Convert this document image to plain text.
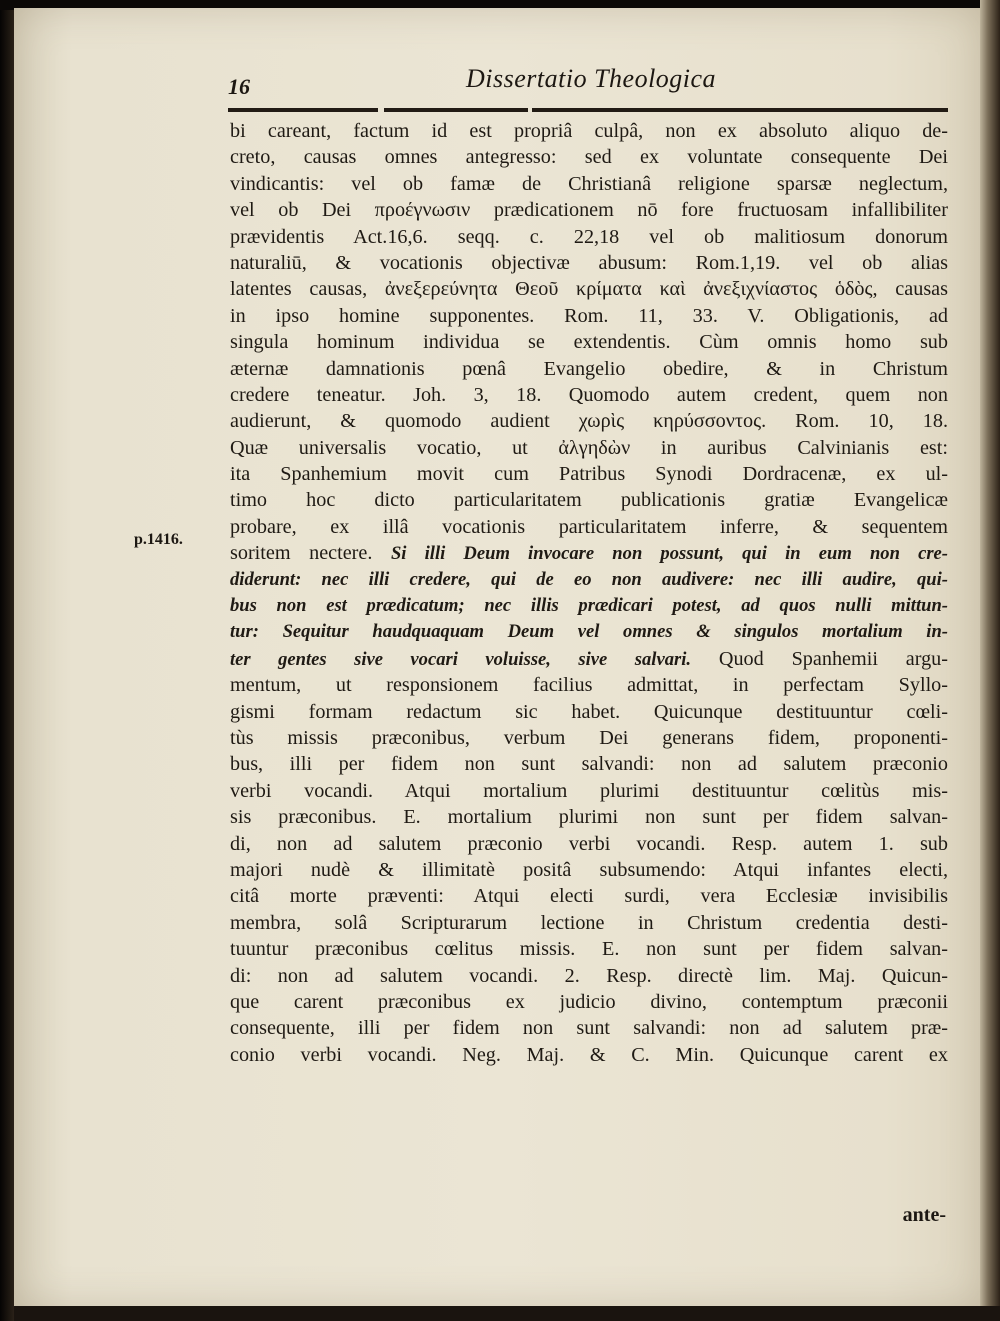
16	Dissertatio Theologica
p.1416.
bi careant, factum id est propriâ culpâ, non ex absoluto aliquo de-
creto, causas omnes antegresso: sed ex voluntate consequente Dei
vindicantis: vel ob famæ de Christianâ religione sparsæ neglectum,
vel ob Dei προέγνωσιν prædicationem nō fore fructuosam infallibiliter
prævidentis Act.16,6. seqq. c. 22,18 vel ob malitiosum donorum
naturaliū, & vocationis objectivæ abusum: Rom.1,19. vel ob alias
latentes causas, ἀνεξερεύνητα Θεοῦ κρίματα καὶ ἀνεξιχνίαστος ὁδὸς, causas
in ipso homine supponentes. Rom. 11, 33. V. Obligationis, ad
singula hominum individua se extendentis. Cùm omnis homo sub
æternæ damnationis pœnâ Evangelio obedire, & in Christum
credere teneatur. Joh. 3, 18. Quomodo autem credent, quem non
audierunt, & quomodo audient χωρὶς κηρύσσοντος. Rom. 10, 18.
Quæ universalis vocatio, ut ἀλγηδὼν in auribus Calvinianis est:
ita Spanhemium movit cum Patribus Synodi Dordracenæ, ex ul-
timo hoc dicto particularitatem publicationis gratiæ Evangelicæ
probare, ex illâ vocationis particularitatem inferre, & sequentem
soritem nectere. Si illi Deum invocare non possunt, qui in eum non cre-
diderunt: nec illi credere, qui de eo non audivere: nec illi audire, qui-
bus non est prædicatum; nec illis prædicari potest, ad quos nulli mittun-
tur: Sequitur haudquaquam Deum vel omnes & singulos mortalium in-
ter gentes sive vocari voluisse, sive salvari. Quod Spanhemii argu-
mentum, ut responsionem facilius admittat, in perfectam Syllo-
gismi formam redactum sic habet. Quicunque destituuntur cœli-
tùs missis præconibus, verbum Dei generans fidem, proponenti-
bus, illi per fidem non sunt salvandi: non ad salutem præconio
verbi vocandi. Atqui mortalium plurimi destituuntur cœlitùs mis-
sis præconibus. E. mortalium plurimi non sunt per fidem salvan-
di, non ad salutem præconio verbi vocandi. Resp. autem 1. sub
majori nudè & illimitatè positâ subsumendo: Atqui infantes electi,
citâ morte præventi: Atqui electi surdi, vera Ecclesiæ invisibilis
membra, solâ Scripturarum lectione in Christum credentia desti-
tuuntur præconibus cœlitus missis. E. non sunt per fidem salvan-
di: non ad salutem vocandi. 2. Resp. directè lim. Maj. Quicun-
que carent præconibus ex judicio divino, contemptum præconii
consequente, illi per fidem non sunt salvandi: non ad salutem præ-
conio verbi vocandi. Neg. Maj. & C. Min. Quicunque carent ex
ante-
